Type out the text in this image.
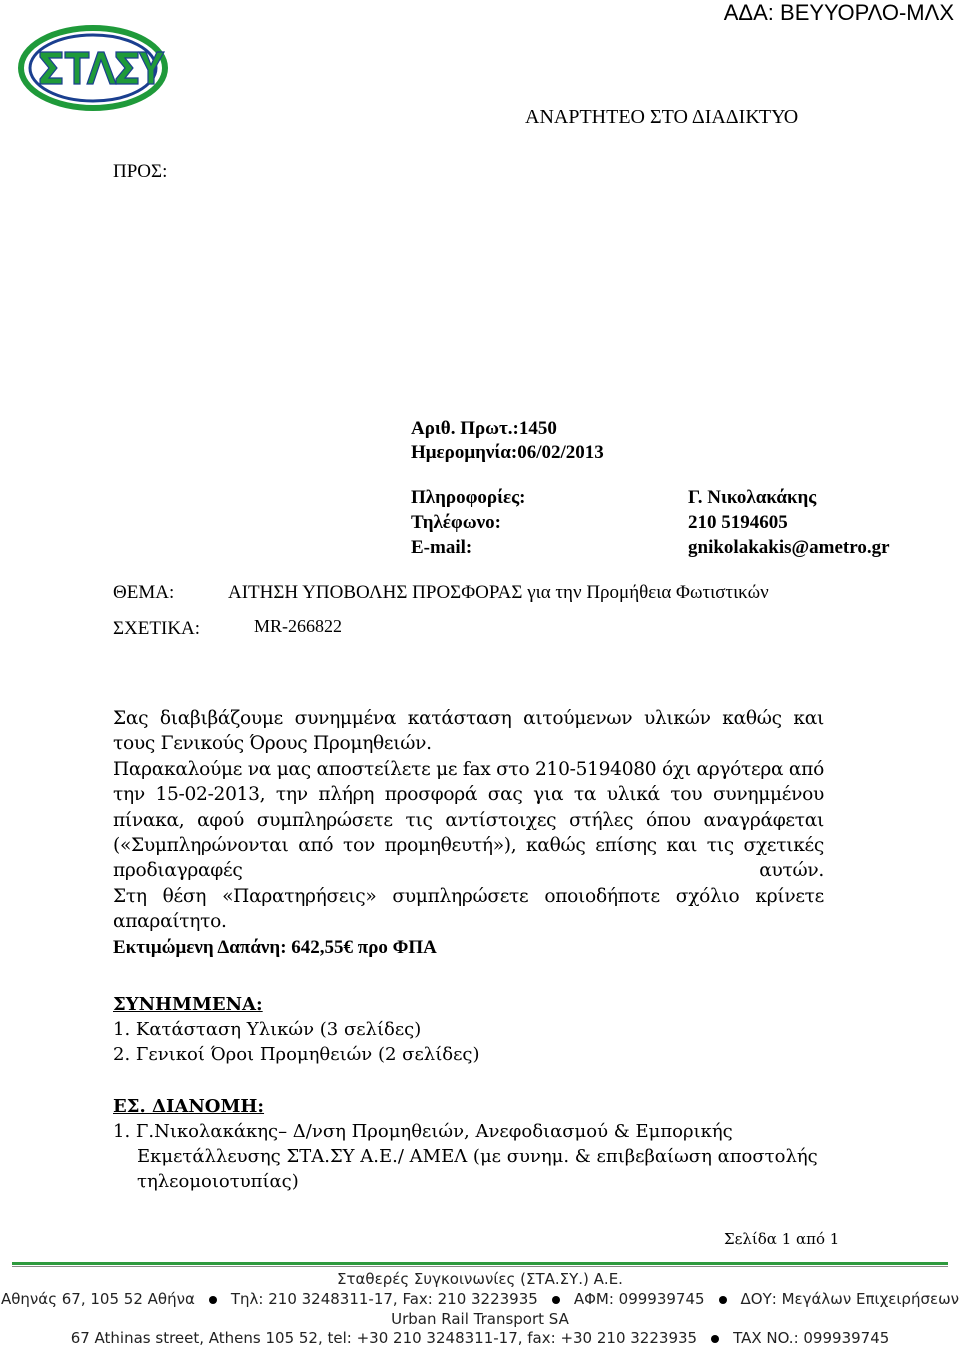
ΑΔΑ: ΒΕΥΥΟΡΛΟ-ΜΛΧ
ΑΝΑΡΤΗΤΕΟ ΣΤΟ ΔΙΑΔΙΚΤΥΟ
ΠΡΟΣ:
Αριθ. Πρωτ.:1450
Ημερομηνία:06/02/2013
Πληροφορίες:	Γ. Νικολακάκης
Τηλέφωνο:	210 5194605
E-mail:	gnikolakakis@ametro.gr
ΘΕΜΑ:	ΑΙΤΗΣΗ ΥΠΟΒΟΛΗΣ ΠΡΟΣΦΟΡΑΣ για την Προμήθεια Φωτιστικών
ΣΧΕΤΙΚΑ:	MR-266822

Σας διαβιβάζουμε συνημμένα κατάσταση αιτούμενων υλικών καθώς και τους Γενικούς Όρους Προμηθειών.

Παρακαλούμε να μας αποστείλετε με fax στο 210-5194080 όχι αργότερα από την 15-02-2013, την πλήρη προσφορά σας για τα υλικά του συνημμένου πίνακα, αφού συμπληρώσετε τις αντίστοιχες στήλες όπου αναγράφεται («Συμπληρώνονται από τον προμηθευτή»), καθώς επίσης και τις σχετικές προδιαγραφές αυτών.

Στη θέση «Παρατηρήσεις» συμπληρώσετε οποιοδήποτε σχόλιο κρίνετε απαραίτητο.

Εκτιμώμενη Δαπάνη: 642,55€ προ ΦΠΑ

ΣΥΝΗΜΜΕΝΑ:
1. Κατάσταση Υλικών (3 σελίδες)
2. Γενικοί Όροι Προμηθειών (2 σελίδες)
ΕΣ. ΔΙΑΝΟΜΗ:
1. Γ.Νικολακάκης– Δ/νση Προμηθειών, Ανεφοδιασμού & Εμπορικής
Εκμετάλλευσης ΣΤΑ.ΣΥ Α.Ε./ ΑΜΕΛ (με συνημ. & επιβεβαίωση αποστολής
τηλεομοιοτυπίας)
Σελίδα 1 από 1
Σταθερές Συγκοινωνίες (ΣΤΑ.ΣΥ.) Α.Ε.
Αθηνάς 67, 105 52 Αθήνα Τηλ: 210 3248311-17, Fax: 210 3223935 ΑΦΜ: 099939745 ΔΟΥ: Μεγάλων Επιχειρήσεων
Urban Rail Transport SA
67 Athinas street, Athens 105 52, tel: +30 210 3248311-17, fax: +30 210 3223935 TAX NO.: 099939745
